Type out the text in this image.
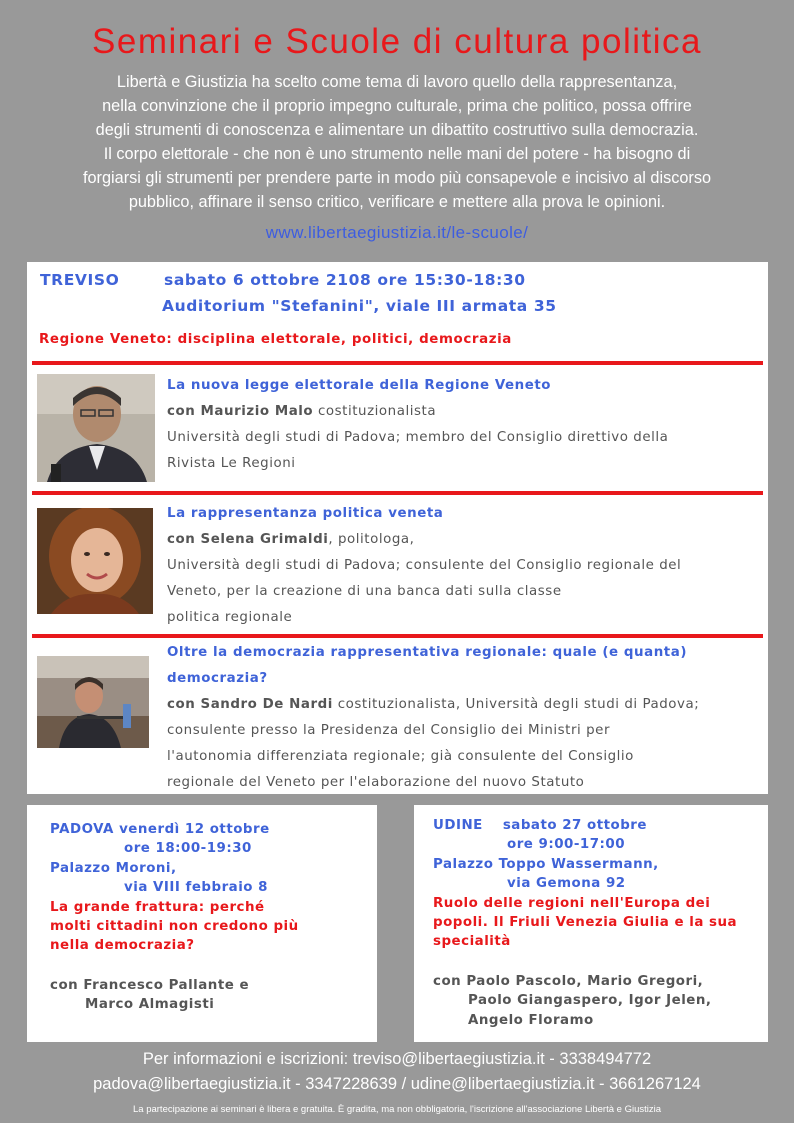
Seminari e Scuole di cultura politica
Libertà e Giustizia ha scelto come tema di lavoro quello della rappresentanza,
nella convinzione che il proprio impegno culturale, prima che politico, possa offrire
degli strumenti di conoscenza e alimentare un dibattito costruttivo sulla democrazia.
Il corpo elettorale - che non è uno strumento nelle mani del potere - ha bisogno di
forgiarsi gli strumenti per prendere parte in modo più consapevole e incisivo al discorso
pubblico, affinare il senso critico, verificare e mettere alla prova le opinioni.
www.libertaegiustizia.it/le-scuole/
TREVISO	sabato 6 ottobre 2108 ore 15:30-18:30
Auditorium "Stefanini", viale III armata 35
Regione Veneto: disciplina elettorale, politici, democrazia
La nuova legge elettorale della Regione Veneto
con Maurizio Malo costituzionalista
Università degli studi di Padova; membro del Consiglio direttivo della
Rivista Le Regioni
La rappresentanza politica veneta
con Selena Grimaldi, politologa,
Università degli studi di Padova; consulente del Consiglio regionale del
Veneto, per la creazione di una banca dati sulla classe
politica regionale
Oltre la democrazia rappresentativa regionale: quale (e quanta)
democrazia?
con Sandro De Nardi costituzionalista, Università degli studi di Padova;
consulente presso la Presidenza del Consiglio dei Ministri per
l'autonomia differenziata regionale; già consulente del Consiglio
regionale del Veneto per l'elaborazione del nuovo Statuto
PADOVA venerdì 12 ottobre
ore 18:00-19:30
Palazzo Moroni,
via VIII febbraio 8
La grande frattura: perché
molti cittadini non credono più
nella democrazia?
con Francesco Pallante e
Marco Almagisti
UDINE sabato 27 ottobre
ore 9:00-17:00
Palazzo Toppo Wassermann,
via Gemona 92
Ruolo delle regioni nell'Europa dei
popoli. Il Friuli Venezia Giulia e la sua
specialità
con Paolo Pascolo, Mario Gregori,
Paolo Giangaspero, Igor Jelen,
Angelo Floramo
Per informazioni e iscrizioni: treviso@libertaegiustizia.it - 3338494772
padova@libertaegiustizia.it - 3347228639 / udine@libertaegiustizia.it - 3661267124
La partecipazione ai seminari è libera e gratuita. È gradita, ma non obbligatoria, l'iscrizione all'associazione Libertà e Giustizia
